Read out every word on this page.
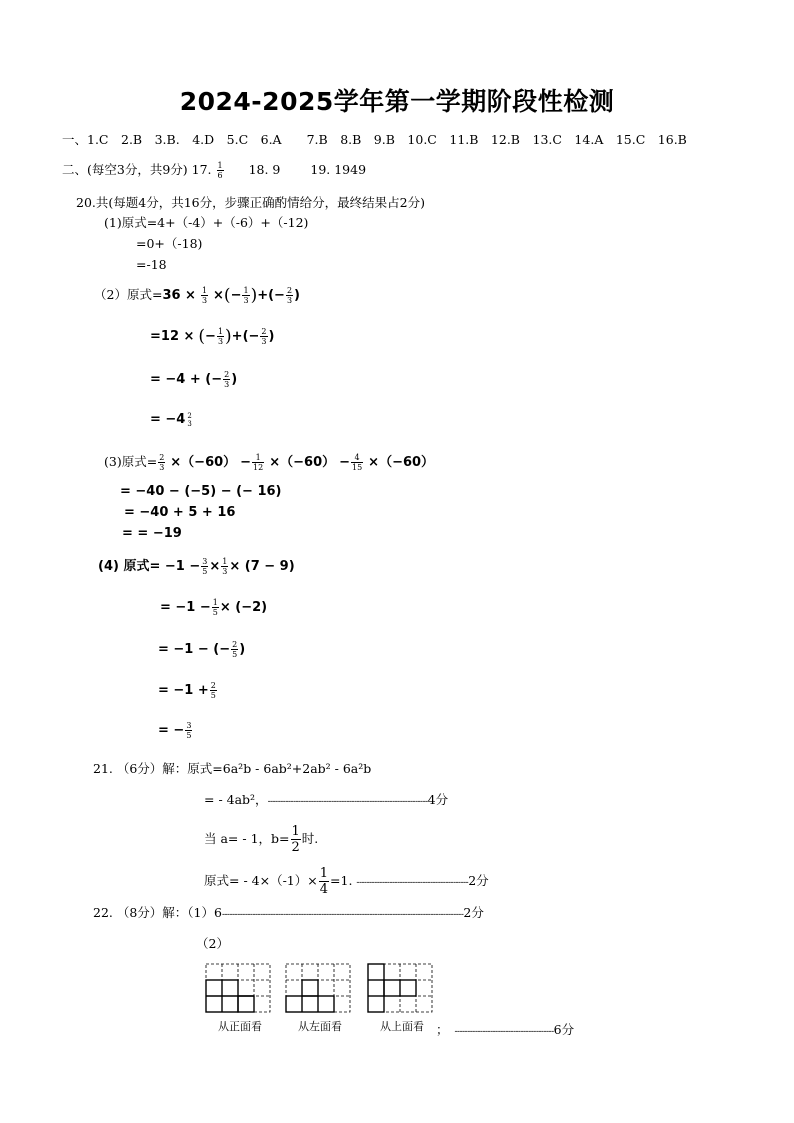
2024-2025学年第一学期阶段性检测
一、1.C　2.B　3.B.　4.D　5.C　6.A　　7.B　8.B　9.B　10.C　11.B　12.B　13.C　14.A　15.C　16.B
二、(每空3分，共9分) 17. $\frac{1}{6} 18$. 9 19. 1949
20.共(每题4分，共16分，步骤正确酌情给分，最终结果占2分)
(1)原式=4+（-4）+（-6）+（-12)
=0+（-18)
=-18
（2）原式$=36 \times \frac{1}{3}$ ×(− $\frac{1}{3}$ )+(− $\frac{2}{3}$ )
=12 × (− $\frac{1}{3}$ )+(− $\frac{2}{3}$ )
= −4 + (− $\frac{2}{3}$ )
= −4 2
3
(3)原式= $\frac{2}{3} \times(-60) - \frac{1}{12} \times(-60) - \frac{4}{15} \times(-60)$
= −40 − (−5) − (− 16)
= −40 + 5 + 16
= = −19
(4) 原式= $-1 - \frac{3}{5} \times \frac{1}{3} \times (7 - 9)$
= $-1 - \frac{1}{5} \times (-2)$
= −1 − (− $\frac{2}{5}$ )
= $-1 + \frac{2}{5}$
= − $\frac{3}{5}$
21. （6分）解：原式=6a²b - 6ab²+2ab² - 6a²b
= - 4ab²，---------------------------------------------------------------4分
当 a= - 1，$b= \frac{1}{2}$ 时.
原式= - $4\times(-1)\times \frac{1}{4} =1$. --------------------------------------------2分
22. （8分）解：（1）6-----------------------------------------------------------------------------------------------2分
（2）
从正面看	从左面看	从上面看 ； ---------------------------------------6分
